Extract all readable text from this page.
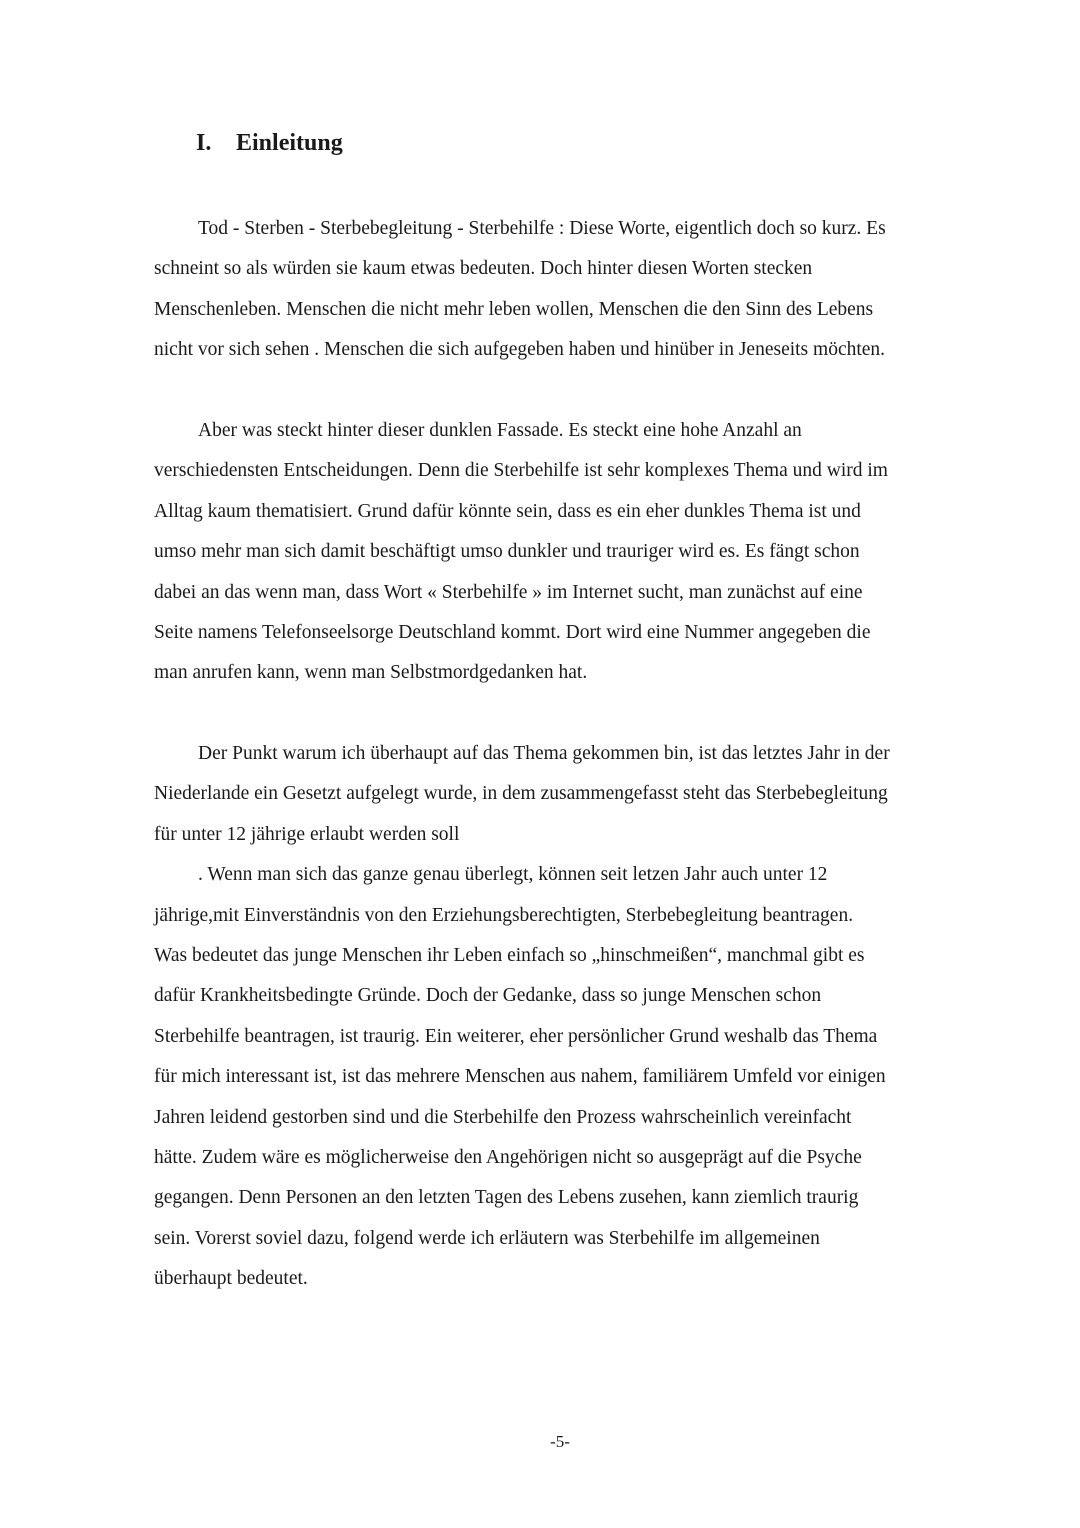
I. Einleitung
Tod - Sterben - Sterbebegleitung - Sterbehilfe : Diese Worte, eigentlich doch so kurz. Es
schneint so als würden sie kaum etwas bedeuten. Doch hinter diesen Worten stecken
Menschenleben. Menschen die nicht mehr leben wollen, Menschen die den Sinn des Lebens
nicht vor sich sehen . Menschen die sich aufgegeben haben und hinüber in Jeneseits möchten.
Aber was steckt hinter dieser dunklen Fassade. Es steckt eine hohe Anzahl an
verschiedensten Entscheidungen. Denn die Sterbehilfe ist sehr komplexes Thema und wird im
Alltag kaum thematisiert. Grund dafür könnte sein, dass es ein eher dunkles Thema ist und
umso mehr man sich damit beschäftigt umso dunkler und trauriger wird es. Es fängt schon
dabei an das wenn man, dass Wort « Sterbehilfe » im Internet sucht, man zunächst auf eine
Seite namens Telefonseelsorge Deutschland kommt. Dort wird eine Nummer angegeben die
man anrufen kann, wenn man Selbstmordgedanken hat.
Der Punkt warum ich überhaupt auf das Thema gekommen bin, ist das letztes Jahr in der
Niederlande ein Gesetzt aufgelegt wurde, in dem zusammengefasst steht das Sterbebegleitung
für unter 12 jährige erlaubt werden soll
. Wenn man sich das ganze genau überlegt, können seit letzen Jahr auch unter 12
jährige,mit Einverständnis von den Erziehungsberechtigten, Sterbebegleitung beantragen.
Was bedeutet das junge Menschen ihr Leben einfach so „hinschmeißen“, manchmal gibt es
dafür Krankheitsbedingte Gründe. Doch der Gedanke, dass so junge Menschen schon
Sterbehilfe beantragen, ist traurig. Ein weiterer, eher persönlicher Grund weshalb das Thema
für mich interessant ist, ist das mehrere Menschen aus nahem, familiärem Umfeld vor einigen
Jahren leidend gestorben sind und die Sterbehilfe den Prozess wahrscheinlich vereinfacht
hätte. Zudem wäre es möglicherweise den Angehörigen nicht so ausgeprägt auf die Psyche
gegangen. Denn Personen an den letzten Tagen des Lebens zusehen, kann ziemlich traurig
sein. Vorerst soviel dazu, folgend werde ich erläutern was Sterbehilfe im allgemeinen
überhaupt bedeutet.
-5-
